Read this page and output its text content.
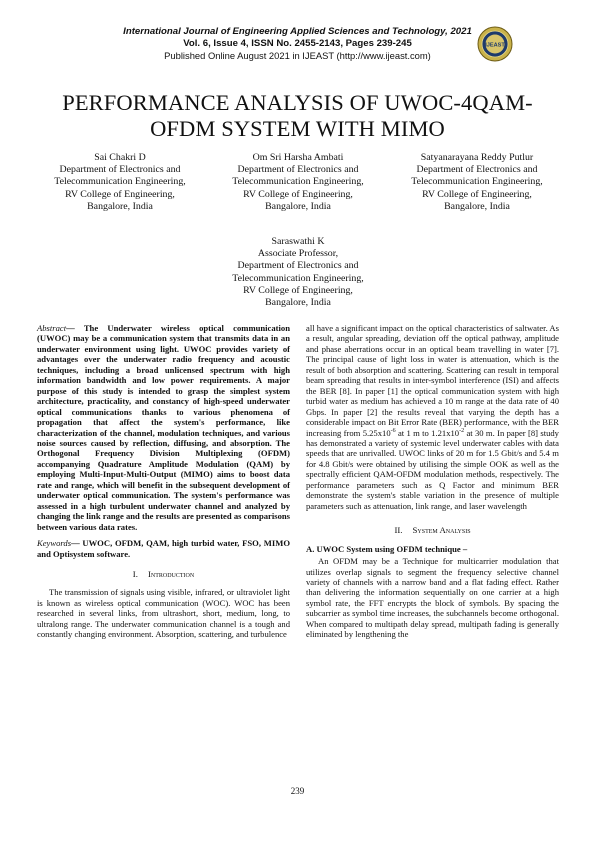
International Journal of Engineering Applied Sciences and Technology, 2021
Vol. 6, Issue 4, ISSN No. 2455-2143, Pages 239-245
Published Online August 2021 in IJEAST (http://www.ijeast.com)
IJEAST
PERFORMANCE ANALYSIS OF UWOC-4QAM-
OFDM SYSTEM WITH MIMO
Sai Chakri D
Department of Electronics and
Telecommunication Engineering,
RV College of Engineering,
Bangalore, India
Om Sri Harsha Ambati
Department of Electronics and
Telecommunication Engineering,
RV College of Engineering,
Bangalore, India
Satyanarayana Reddy Putlur
Department of Electronics and
Telecommunication Engineering,
RV College of Engineering,
Bangalore, India
Saraswathi K
Associate Professor,
Department of Electronics and
Telecommunication Engineering,
RV College of Engineering,
Bangalore, India
Abstract— The Underwater wireless optical communication (UWOC) may be a communication system that transmits data in an underwater environment using light. UWOC provides variety of advantages over the underwater radio frequency and acoustic techniques, including a broad unlicensed spectrum with high information bandwidth and low power requirements. A major purpose of this study is intended to grasp the simplest system architecture, practicality, and constancy of high-speed underwater optical communications thanks to various phenomena of propagation that affect the system's performance, like characterization of the channel, modulation techniques, and various noise sources caused by reflection, diffusing, and absorption. The Orthogonal Frequency Division Multiplexing (OFDM) accompanying Quadrature Amplitude Modulation (QAM) by employing Multi-Input-Multi-Output (MIMO) aims to boost data rate and range, which will benefit in the subsequent development of underwater optical communication. The system's performance was assessed in a high turbulent underwater channel and analyzed by changing the link range and the results are presented as comparisons between various data rates.
Keywords— UWOC, OFDM, QAM, high turbid water, FSO, MIMO and Optisystem software.
I. Introduction

The transmission of signals using visible, infrared, or ultraviolet light is known as wireless optical communication (WOC). WOC has been researched in several links, from ultrashort, short, medium, long, to ultralong range. The underwater communication channel is a tough and constantly changing environment. Absorption, scattering, and turbulence

all have a significant impact on the optical characteristics of saltwater. As a result, angular spreading, deviation off the optical pathway, amplitude and phase aberrations occur in an optical beam travelling in water [7]. The principal cause of light loss in water is attenuation, which is the result of both absorption and scattering. Scattering can result in temporal beam spreading that results in inter-symbol interference (ISI) and affects the BER [8]. In paper [1] the optical communication system with high turbid water as medium has achieved a 10 m range at the data rate of 40 Gbps. In paper [2] the results reveal that varying the depth has a considerable impact on Bit Error Rate (BER) performance, with the BER increasing from $5.25x10^{-6}$ at 1 m to $1.21x10^{-2}$ at 30 m. In paper [8] study has demonstrated a variety of systemic level underwater cables with data speeds that are unrivalled. UWOC links of 20 m for 1.5 Gbit/s and 5.4 m for 4.8 Gbit/s were obtained by utilising the simple OOK as well as the spectrally efficient QAM-OFDM modulation methods, respectively. The performance parameters such as Q Factor and minimum BER demonstrate the system's stable variation in the presence of multiple parameters such as attenuation, link range, and laser wavelength

II. System Analysis
A. UWOC System using OFDM technique –

An OFDM may be a Technique for multicarrier modulation that utilizes overlap signals to segment the frequency selective channel variety of channels with a narrow band and a flat fading effect. Rather than delivering the information sequentially on one carrier at a high symbol rate, the FFT encrypts the block of symbols. By spacing the subcarrier as symbol time increases, the subchannels become orthogonal. When compared to multipath delay spread, multipath fading is generally eliminated by lengthening the

239
